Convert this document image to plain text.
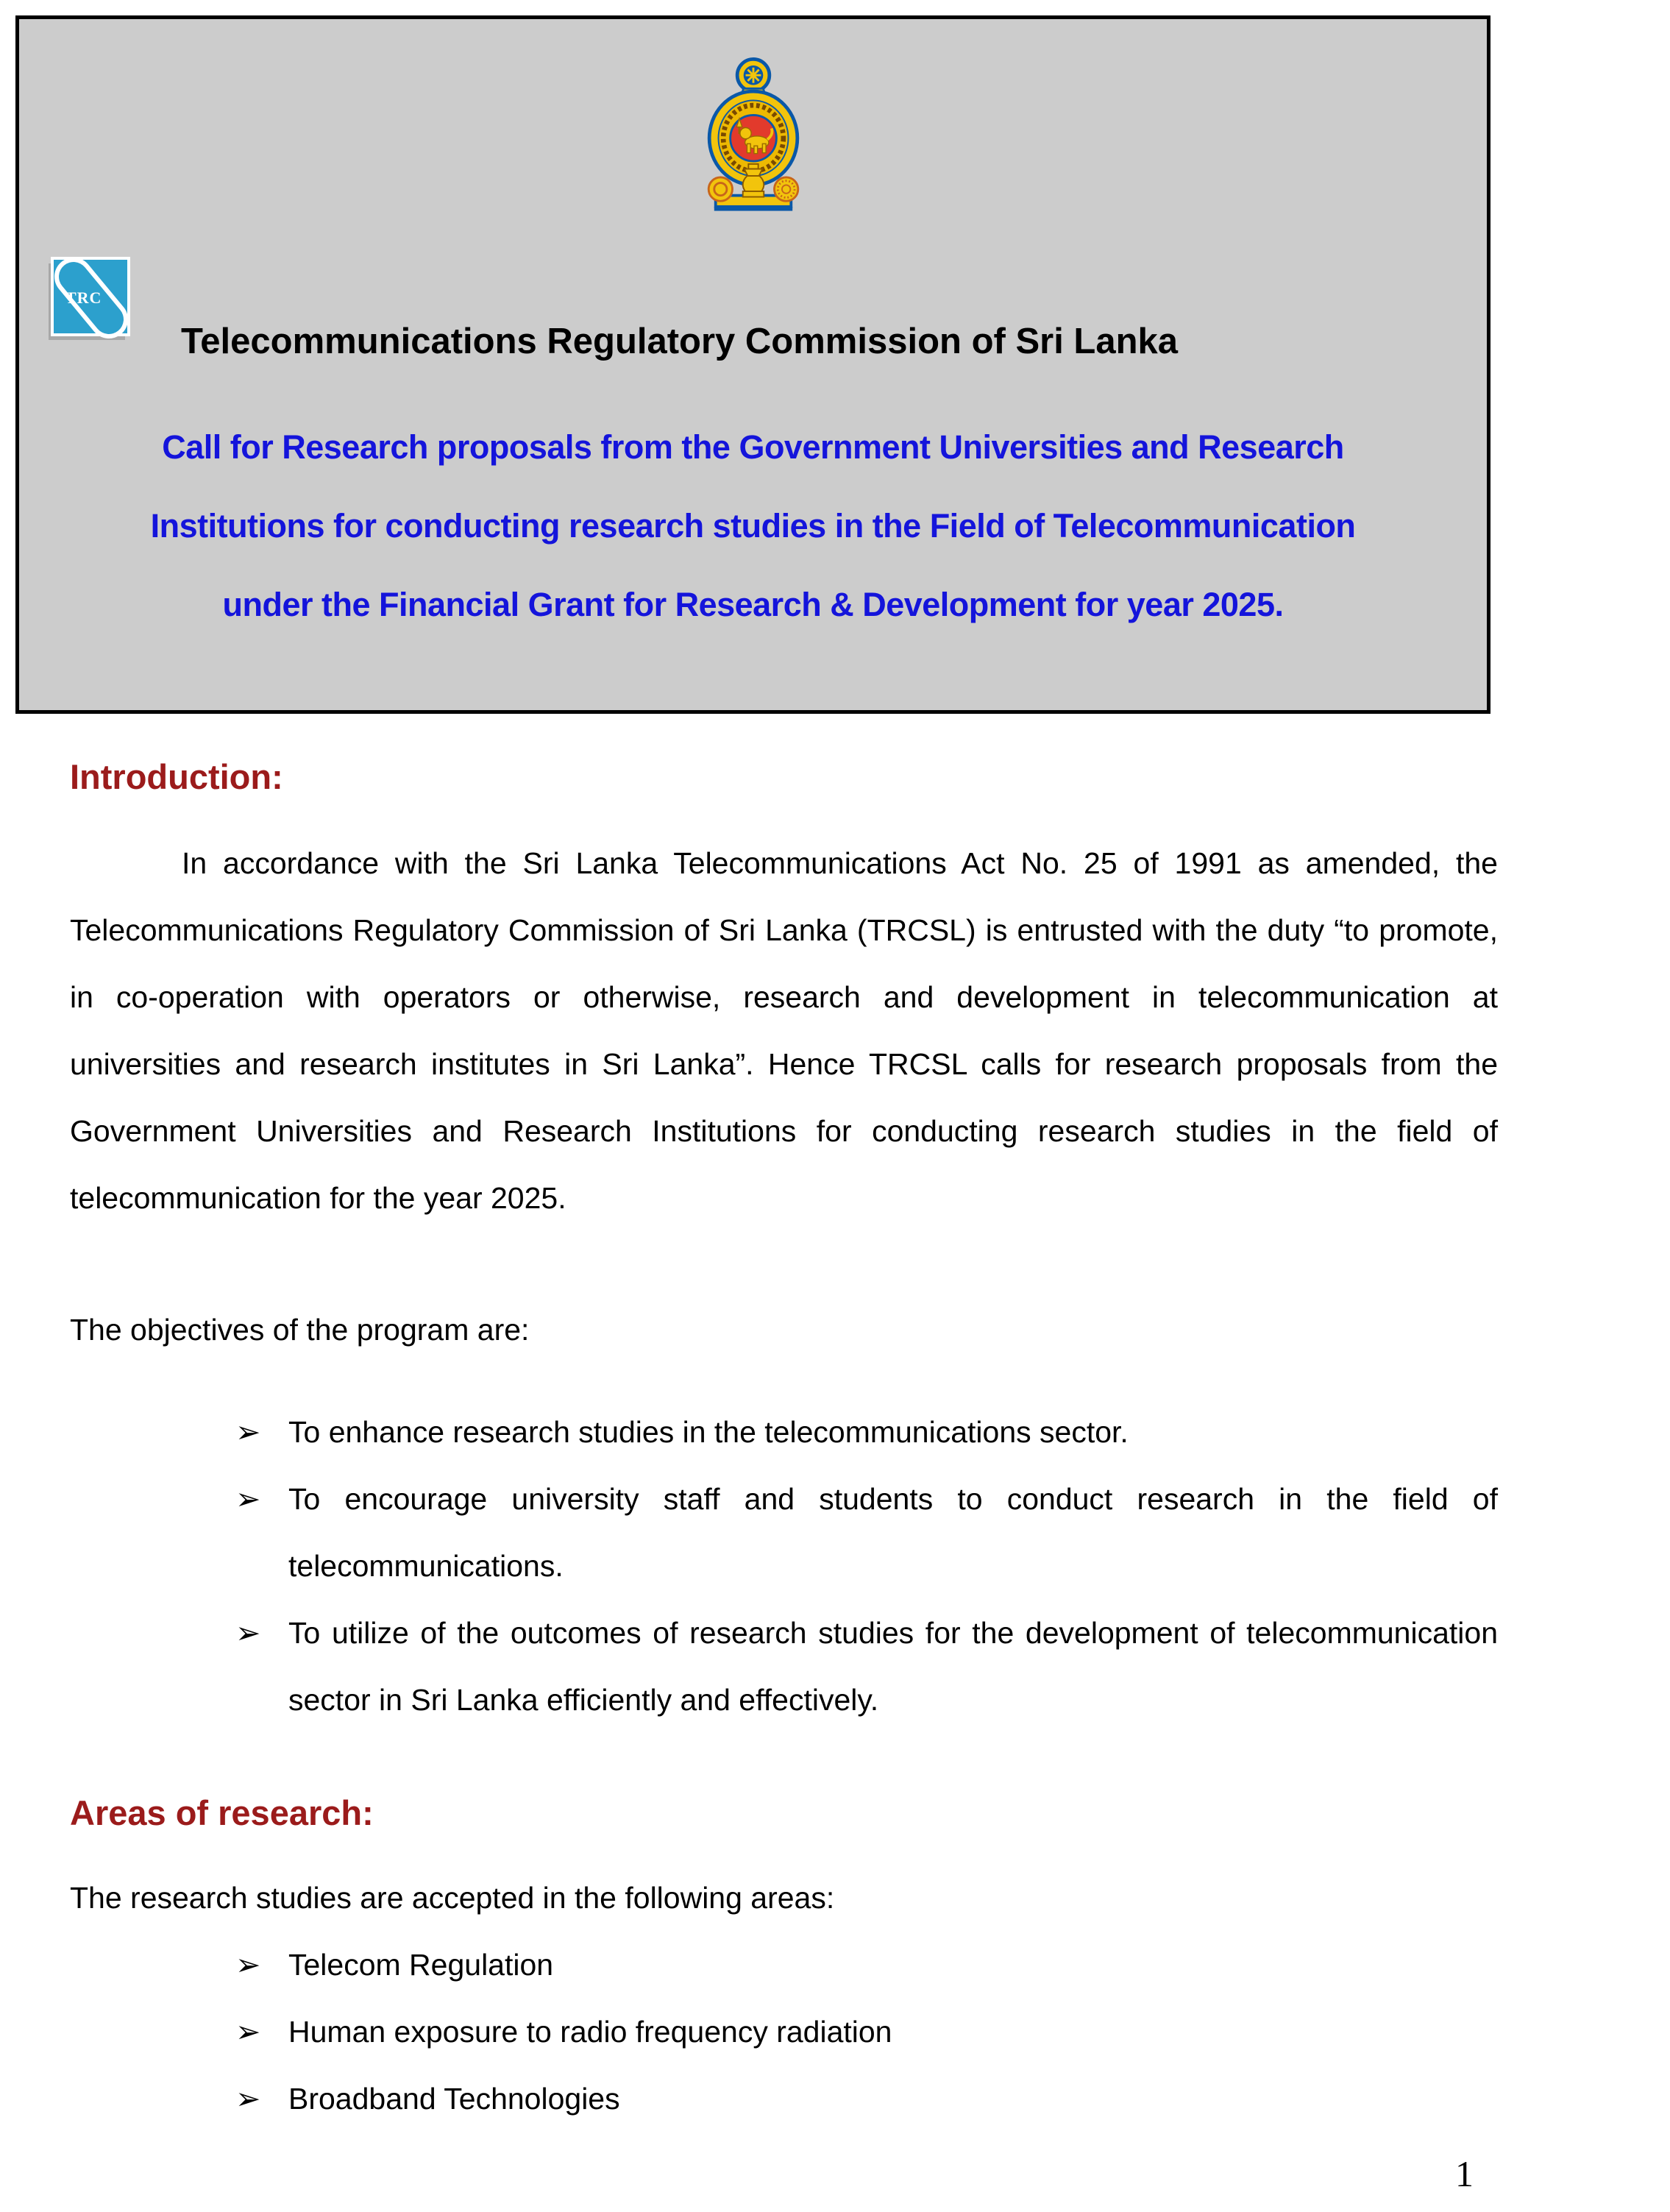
TRC
Telecommunications Regulatory Commission of Sri Lanka
Call for Research proposals from the Government Universities and Research
Institutions for conducting research studies in the Field of Telecommunication
under the Financial Grant for Research & Development for year 2025.
Introduction:

In accordance with the Sri Lanka Telecommunications Act No. 25 of 1991 as amended, the Telecommunications Regulatory Commission of Sri Lanka (TRCSL) is entrusted with the duty “to promote, in co-operation with operators or otherwise, research and development in telecommunication at universities and research institutes in Sri Lanka”. Hence TRCSL calls for research proposals from the Government Universities and Research Institutions for conducting research studies in the field of telecommunication for the year 2025.

The objectives of the program are:

➢ To enhance research studies in the telecommunications sector.
➢ To encourage university staff and students to conduct research in the field of telecommunications.
➢ To utilize of the outcomes of research studies for the development of telecommunication sector in Sri Lanka efficiently and effectively.
Areas of research:

The research studies are accepted in the following areas:

➢ Telecom Regulation
➢ Human exposure to radio frequency radiation
➢ Broadband Technologies
1
